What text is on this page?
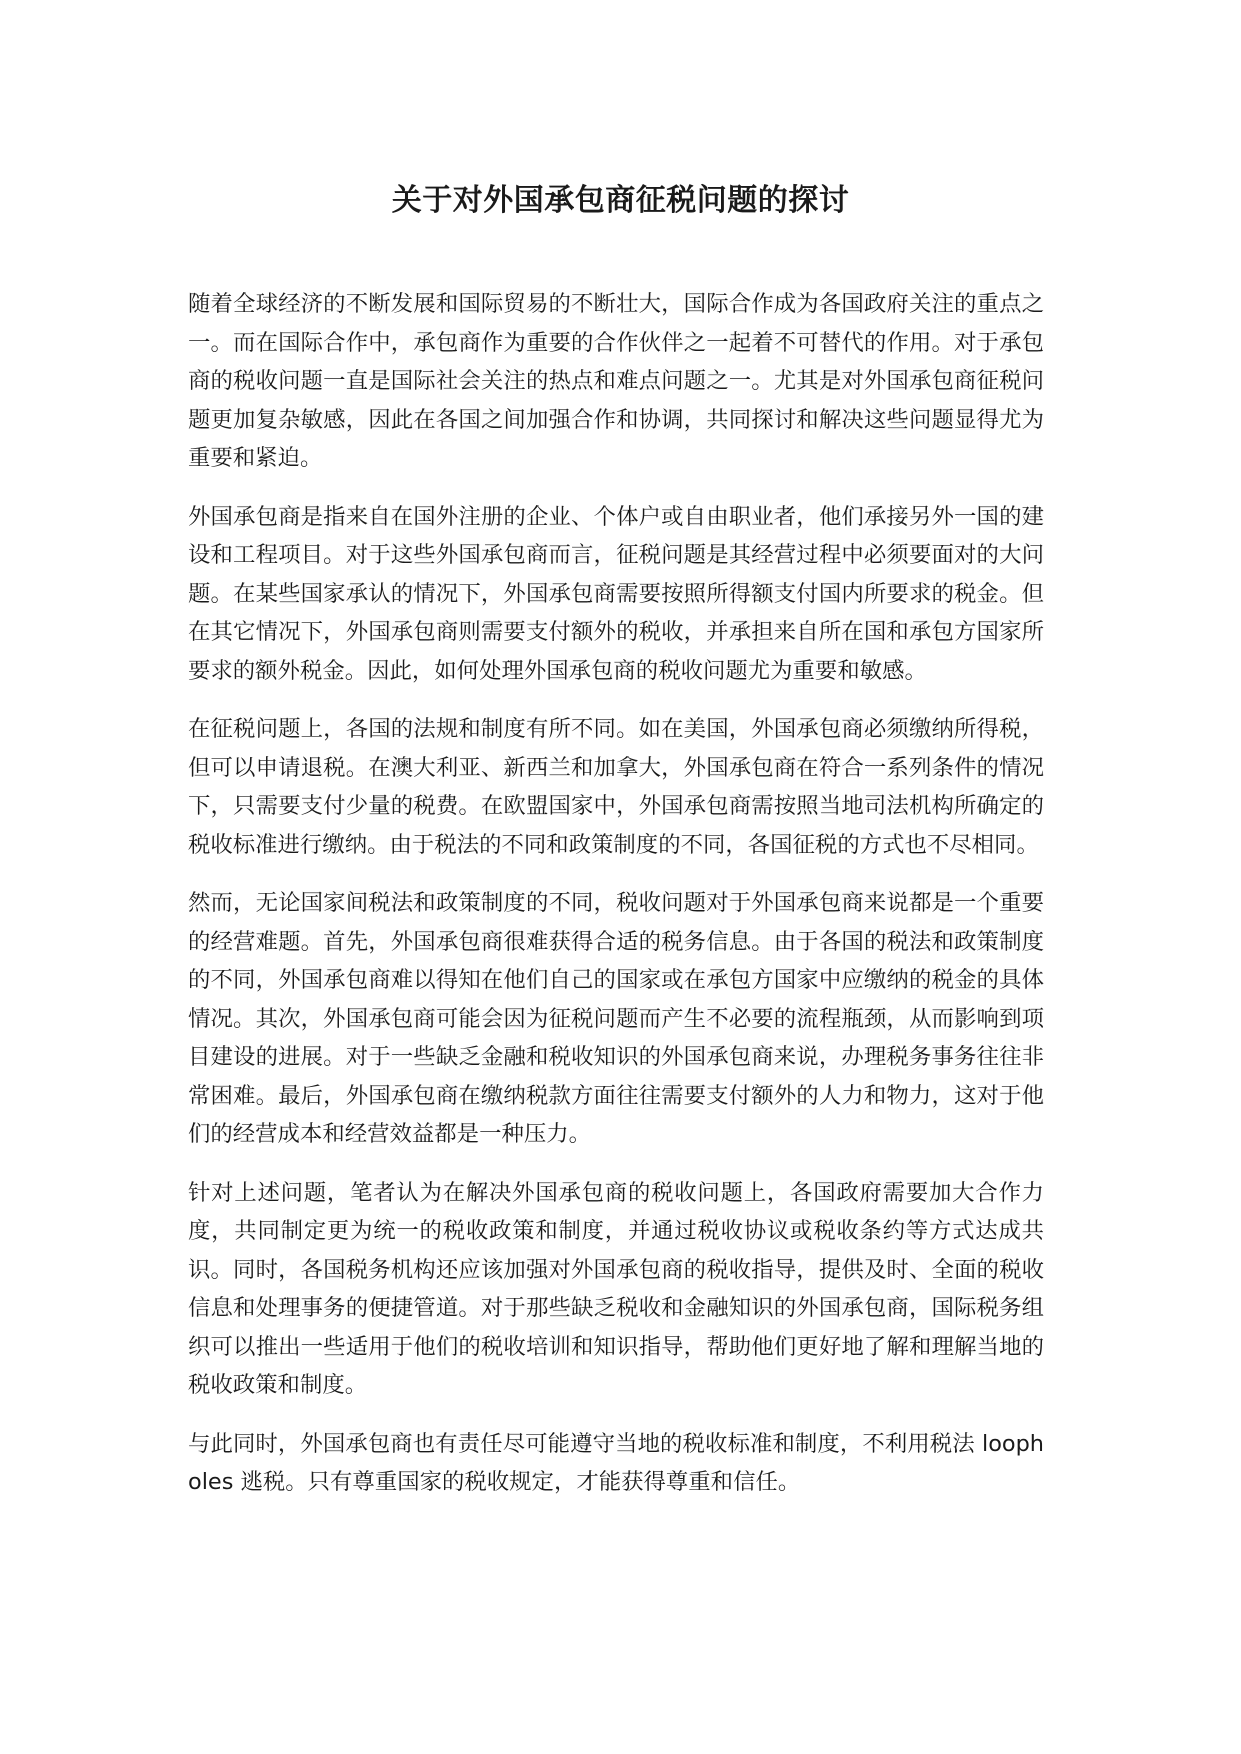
关于对外国承包商征税问题的探讨

随着全球经济的不断发展和国际贸易的不断壮大，国际合作成为各国政府关注的重点之一。而在国际合作中，承包商作为重要的合作伙伴之一起着不可替代的作用。对于承包商的税收问题一直是国际社会关注的热点和难点问题之一。尤其是对外国承包商征税问题更加复杂敏感，因此在各国之间加强合作和协调，共同探讨和解决这些问题显得尤为重要和紧迫。

外国承包商是指来自在国外注册的企业、个体户或自由职业者，他们承接另外一国的建设和工程项目。对于这些外国承包商而言，征税问题是其经营过程中必须要面对的大问题。在某些国家承认的情况下，外国承包商需要按照所得额支付国内所要求的税金。但在其它情况下，外国承包商则需要支付额外的税收，并承担来自所在国和承包方国家所要求的额外税金。因此，如何处理外国承包商的税收问题尤为重要和敏感。

在征税问题上，各国的法规和制度有所不同。如在美国，外国承包商必须缴纳所得税，但可以申请退税。在澳大利亚、新西兰和加拿大，外国承包商在符合一系列条件的情况下，只需要支付少量的税费。在欧盟国家中，外国承包商需按照当地司法机构所确定的税收标准进行缴纳。由于税法的不同和政策制度的不同，各国征税的方式也不尽相同。

然而，无论国家间税法和政策制度的不同，税收问题对于外国承包商来说都是一个重要的经营难题。首先，外国承包商很难获得合适的税务信息。由于各国的税法和政策制度的不同，外国承包商难以得知在他们自己的国家或在承包方国家中应缴纳的税金的具体情况。其次，外国承包商可能会因为征税问题而产生不必要的流程瓶颈，从而影响到项目建设的进展。对于一些缺乏金融和税收知识的外国承包商来说，办理税务事务往往非常困难。最后，外国承包商在缴纳税款方面往往需要支付额外的人力和物力，这对于他们的经营成本和经营效益都是一种压力。

针对上述问题，笔者认为在解决外国承包商的税收问题上，各国政府需要加大合作力度，共同制定更为统一的税收政策和制度，并通过税收协议或税收条约等方式达成共识。同时，各国税务机构还应该加强对外国承包商的税收指导，提供及时、全面的税收信息和处理事务的便捷管道。对于那些缺乏税收和金融知识的外国承包商，国际税务组织可以推出一些适用于他们的税收培训和知识指导，帮助他们更好地了解和理解当地的税收政策和制度。

与此同时，外国承包商也有责任尽可能遵守当地的税收标准和制度，不利用税法 loopholes 逃税。只有尊重国家的税收规定，才能获得尊重和信任。
